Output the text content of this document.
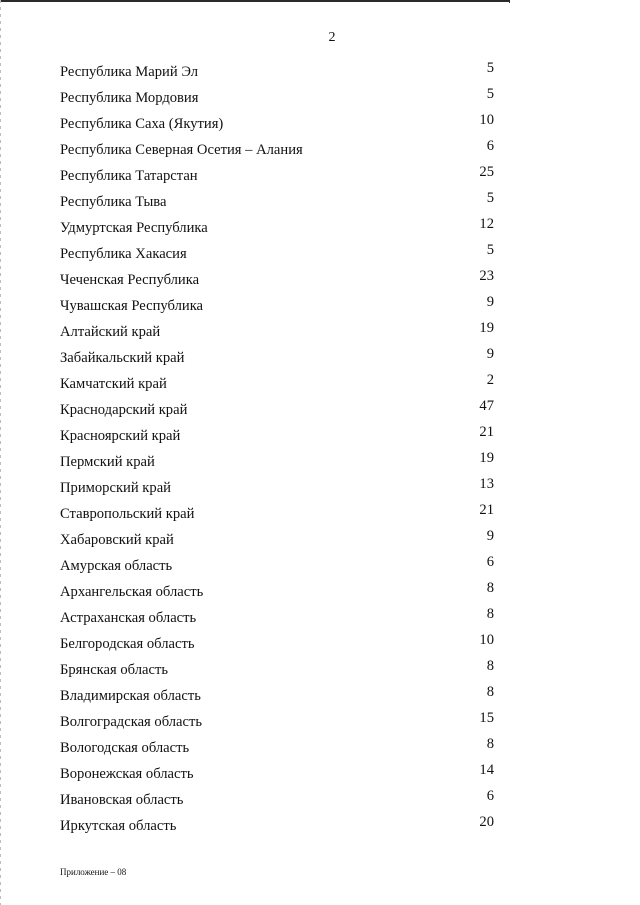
2
Республика Марий Эл	5
Республика Мордовия	5
Республика Саха (Якутия)	10
Республика Северная Осетия – Алания	6
Республика Татарстан	25
Республика Тыва	5
Удмуртская Республика	12
Республика Хакасия	5
Чеченская Республика	23
Чувашская Республика	9
Алтайский край	19
Забайкальский край	9
Камчатский край	2
Краснодарский край	47
Красноярский край	21
Пермский край	19
Приморский край	13
Ставропольский край	21
Хабаровский край	9
Амурская область	6
Архангельская область	8
Астраханская область	8
Белгородская область	10
Брянская область	8
Владимирская область	8
Волгоградская область	15
Вологодская область	8
Воронежская область	14
Ивановская область	6
Иркутская область	20
Приложение – 08
